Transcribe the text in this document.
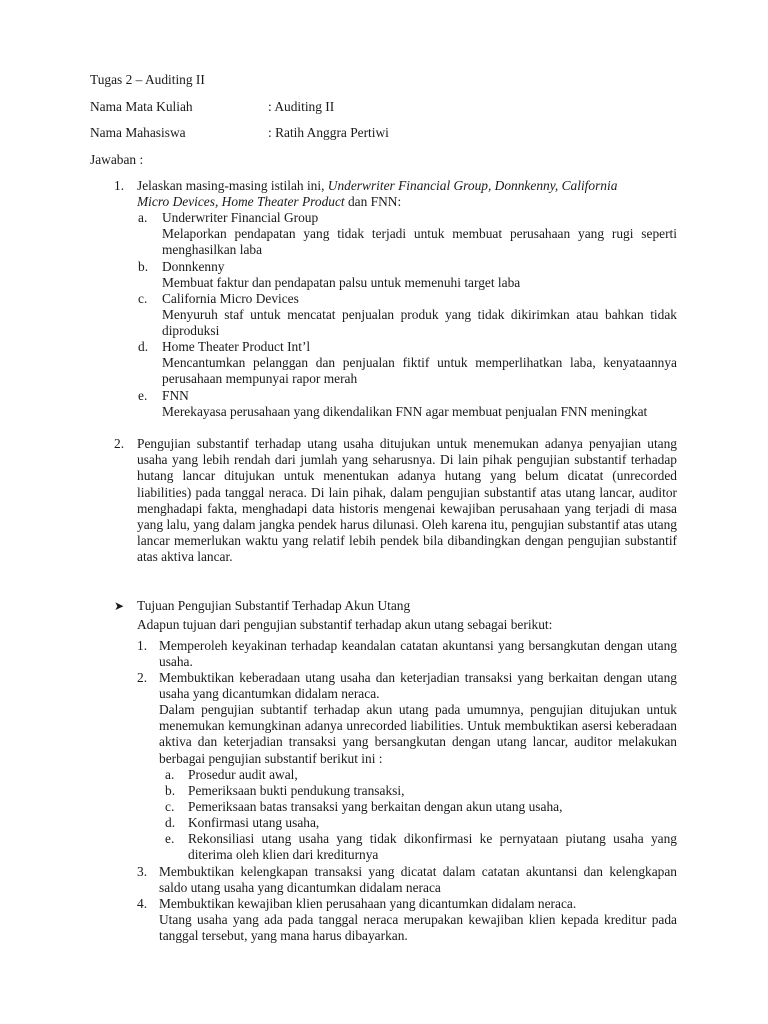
Tugas 2 – Auditing II
Nama Mata Kuliah	: Auditing II
Nama Mahasiswa	: Ratih Anggra Pertiwi
Jawaban :
1. Jelaskan masing-masing istilah ini, Underwriter Financial Group, Donnkenny, California
Micro Devices, Home Theater Product dan FNN:
a. Underwriter Financial Group
Melaporkan pendapatan yang tidak terjadi untuk membuat perusahaan yang rugi seperti menghasilkan laba
b. Donnkenny
Membuat faktur dan pendapatan palsu untuk memenuhi target laba
c. California Micro Devices
Menyuruh staf untuk mencatat penjualan produk yang tidak dikirimkan atau bahkan tidak diproduksi
d. Home Theater Product Int’l
Mencantumkan pelanggan dan penjualan fiktif untuk memperlihatkan laba, kenyataannya perusahaan mempunyai rapor merah
e. FNN
Merekayasa perusahaan yang dikendalikan FNN agar membuat penjualan FNN meningkat
2. Pengujian substantif terhadap utang usaha ditujukan untuk menemukan adanya penyajian utang usaha yang lebih rendah dari jumlah yang seharusnya. Di lain pihak pengujian substantif terhadap hutang lancar ditujukan untuk menentukan adanya hutang yang belum dicatat (unrecorded liabilities) pada tanggal neraca. Di lain pihak, dalam pengujian substantif atas utang lancar, auditor menghadapi fakta, menghadapi data historis mengenai kewajiban perusahaan yang terjadi di masa yang lalu, yang dalam jangka pendek harus dilunasi. Oleh karena itu, pengujian substantif atas utang lancar memerlukan waktu yang relatif lebih pendek bila dibandingkan dengan pengujian substantif atas aktiva lancar.
➤ Tujuan Pengujian Substantif Terhadap Akun Utang
Adapun tujuan dari pengujian substantif terhadap akun utang sebagai berikut:
1. Memperoleh keyakinan terhadap keandalan catatan akuntansi yang bersangkutan dengan utang usaha.
2. Membuktikan keberadaan utang usaha dan keterjadian transaksi yang berkaitan dengan utang usaha yang dicantumkan didalam neraca.
Dalam pengujian subtantif terhadap akun utang pada umumnya, pengujian ditujukan untuk menemukan kemungkinan adanya unrecorded liabilities. Untuk membuktikan asersi keberadaan aktiva dan keterjadian transaksi yang bersangkutan dengan utang lancar, auditor melakukan berbagai pengujian substantif berikut ini :
a. Prosedur audit awal,
b. Pemeriksaan bukti pendukung transaksi,
c. Pemeriksaan batas transaksi yang berkaitan dengan akun utang usaha,
d. Konfirmasi utang usaha,
e. Rekonsiliasi utang usaha yang tidak dikonfirmasi ke pernyataan piutang usaha yang diterima oleh klien dari krediturnya
3. Membuktikan kelengkapan transaksi yang dicatat dalam catatan akuntansi dan kelengkapan saldo utang usaha yang dicantumkan didalam neraca
4. Membuktikan kewajiban klien perusahaan yang dicantumkan didalam neraca.
Utang usaha yang ada pada tanggal neraca merupakan kewajiban klien kepada kreditur pada tanggal tersebut, yang mana harus dibayarkan.
